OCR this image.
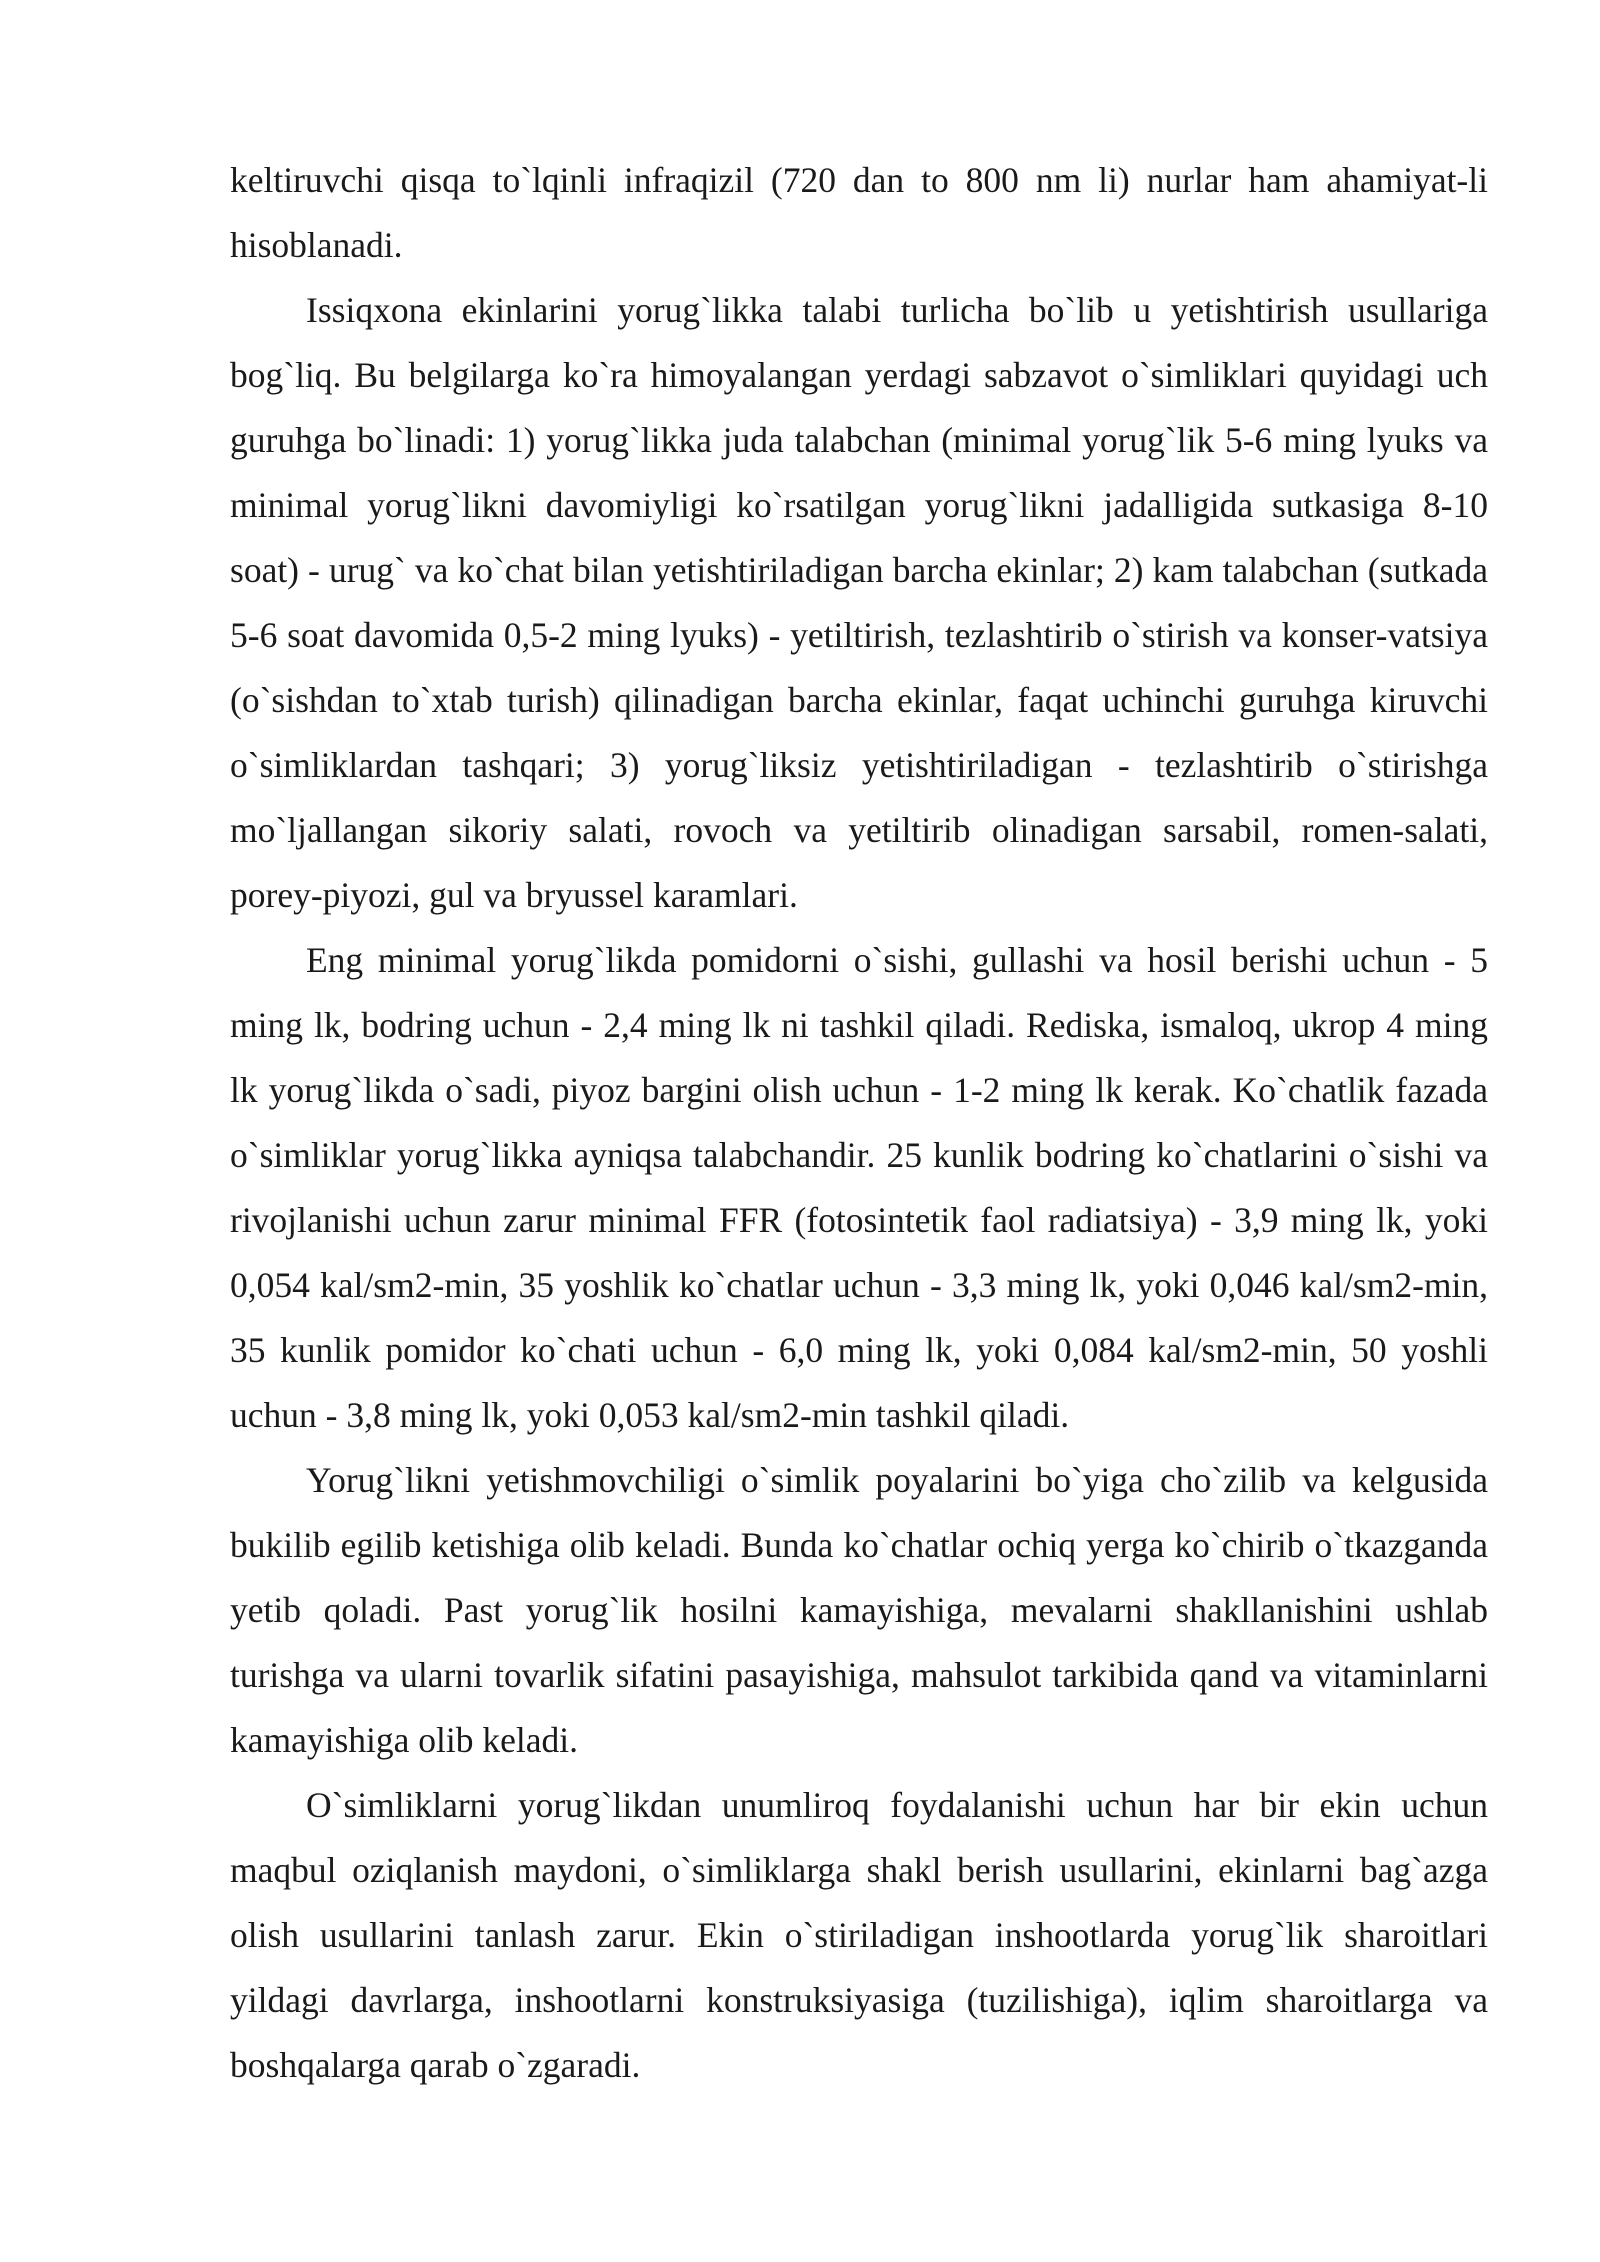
keltiruvchi qisqa to`lqinli infraqizil (720 dan to 800 nm li) nurlar ham ahamiyat-li hisoblanadi.

Issiqxona ekinlarini yorug`likka talabi turlicha bo`lib u yetishtirish usullariga bog`liq. Bu belgilarga ko`ra himoyalangan yerdagi sabzavot o`simliklari quyidagi uch guruhga bo`linadi: 1) yorug`likka juda talabchan (minimal yorug`lik 5-6 ming lyuks va minimal yorug`likni davomiyligi ko`rsatilgan yorug`likni jadalligida sutkasiga 8-10 soat) - urug` va ko`chat bilan yetishtiriladigan barcha ekinlar; 2) kam talabchan (sutkada 5-6 soat davomida 0,5-2 ming lyuks) - yetiltirish, tezlashtirib o`stirish va konser-vatsiya (o`sishdan to`xtab turish) qilinadigan barcha ekinlar, faqat uchinchi guruhga kiruvchi o`simliklardan tashqari; 3) yorug`liksiz yetishtiriladigan - tezlashtirib o`stirishga mo`ljallangan sikoriy salati, rovoch va yetiltirib olinadigan sarsabil, romen-salati, porey-piyozi, gul va bryussel karamlari.

Eng minimal yorug`likda pomidorni o`sishi, gullashi va hosil berishi uchun - 5 ming lk, bodring uchun - 2,4 ming lk ni tashkil qiladi. Rediska, ismaloq, ukrop 4 ming lk yorug`likda o`sadi, piyoz bargini olish uchun - 1-2 ming lk kerak. Ko`chatlik fazada o`simliklar yorug`likka ayniqsa talabchandir. 25 kunlik bodring ko`chatlarini o`sishi va rivojlanishi uchun zarur minimal FFR (fotosintetik faol radiatsiya) - 3,9 ming lk, yoki 0,054 kal/sm2-min, 35 yoshlik ko`chatlar uchun - 3,3 ming lk, yoki 0,046 kal/sm2-min, 35 kunlik pomidor ko`chati uchun - 6,0 ming lk, yoki 0,084 kal/sm2-min, 50 yoshli uchun - 3,8 ming lk, yoki 0,053 kal/sm2-min tashkil qiladi.

Yorug`likni yetishmovchiligi o`simlik poyalarini bo`yiga cho`zilib va kelgusida bukilib egilib ketishiga olib keladi. Bunda ko`chatlar ochiq yerga ko`chirib o`tkazganda yetib qoladi. Past yorug`lik hosilni kamayishiga, mevalarni shakllanishini ushlab turishga va ularni tovarlik sifatini pasayishiga, mahsulot tarkibida qand va vitaminlarni kamayishiga olib keladi.

O`simliklarni yorug`likdan unumliroq foydalanishi uchun har bir ekin uchun maqbul oziqlanish maydoni, o`simliklarga shakl berish usullarini, ekinlarni bag`azga olish usullarini tanlash zarur. Ekin o`stiriladigan inshootlarda yorug`lik sharoitlari yildagi davrlarga, inshootlarni konstruksiyasiga (tuzilishiga), iqlim sharoitlarga va boshqalarga qarab o`zgaradi.
